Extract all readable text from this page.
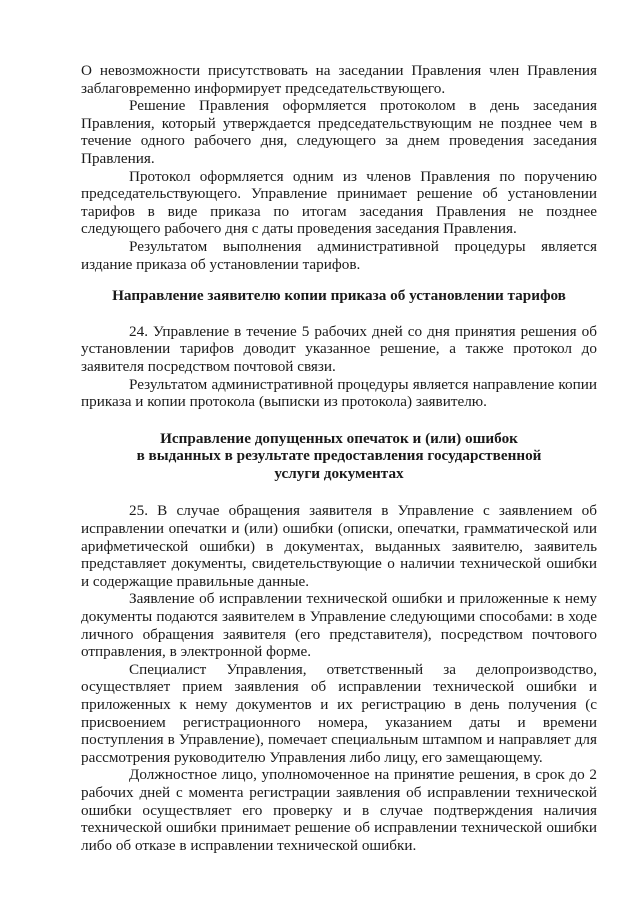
О невозможности присутствовать на заседании Правления член Правления заблаговременно информирует председательствующего.

Решение Правления оформляется протоколом в день заседания Правления, который утверждается председательствующим не позднее чем в течение одного рабочего дня, следующего за днем проведения заседания Правления.

Протокол оформляется одним из членов Правления по поручению председательствующего. Управление принимает решение об установлении тарифов в виде приказа по итогам заседания Правления не позднее следующего рабочего дня с даты проведения заседания Правления.

Результатом выполнения административной процедуры является издание приказа об установлении тарифов.

Направление заявителю копии приказа об установлении тарифов

24. Управление в течение 5 рабочих дней со дня принятия решения об установлении тарифов доводит указанное решение, а также протокол до заявителя посредством почтовой связи.

Результатом административной процедуры является направление копии приказа и копии протокола (выписки из протокола) заявителю.

Исправление допущенных опечаток и (или) ошибок
в выданных в результате предоставления государственной
услуги документах

25. В случае обращения заявителя в Управление с заявлением об исправлении опечатки и (или) ошибки (описки, опечатки, грамматической или арифметической ошибки) в документах, выданных заявителю, заявитель представляет документы, свидетельствующие о наличии технической ошибки и содержащие правильные данные.

Заявление об исправлении технической ошибки и приложенные к нему документы подаются заявителем в Управление следующими способами: в ходе личного обращения заявителя (его представителя), посредством почтового отправления, в электронной форме.

Специалист Управления, ответственный за делопроизводство, осуществляет прием заявления об исправлении технической ошибки и приложенных к нему документов и их регистрацию в день получения (с присвоением регистрационного номера, указанием даты и времени поступления в Управление), помечает специальным штампом и направляет для рассмотрения руководителю Управления либо лицу, его замещающему.

Должностное лицо, уполномоченное на принятие решения, в срок до 2 рабочих дней с момента регистрации заявления об исправлении технической ошибки осуществляет его проверку и в случае подтверждения наличия технической ошибки принимает решение об исправлении технической ошибки либо об отказе в исправлении технической ошибки.
